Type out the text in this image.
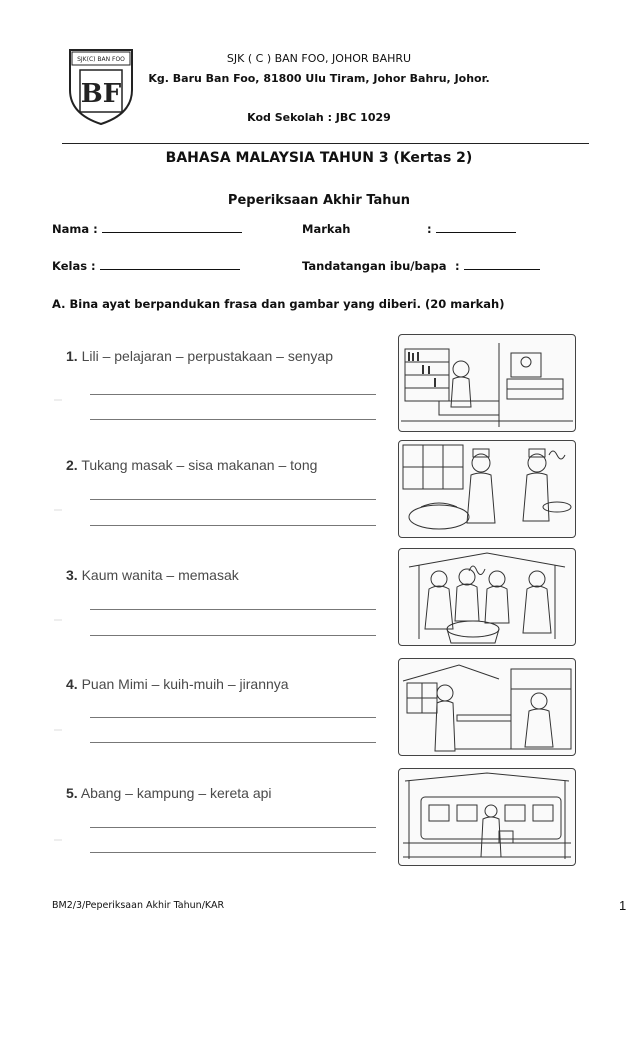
SJK(C) BAN FOO
BF
SJK ( C ) BAN FOO, JOHOR BAHRU
Kg. Baru Ban Foo, 81800 Ulu Tiram, Johor Bahru, Johor.
Kod Sekolah : JBC 1029
BAHASA MALAYSIA TAHUN 3 (Kertas 2)
Peperiksaan Akhir Tahun
Nama :	Markah	:
Kelas :	Tandatangan ibu/bapa :
A. Bina ayat berpandukan frasa dan gambar yang diberi. (20 markah)
1. Lili – pelajaran – perpustakaan – senyap
2. Tukang masak – sisa makanan – tong
3. Kaum wanita – memasak
4. Puan Mimi – kuih-muih – jirannya
5. Abang – kampung – kereta api
BM2/3/Peperiksaan Akhir Tahun/KAR	1
